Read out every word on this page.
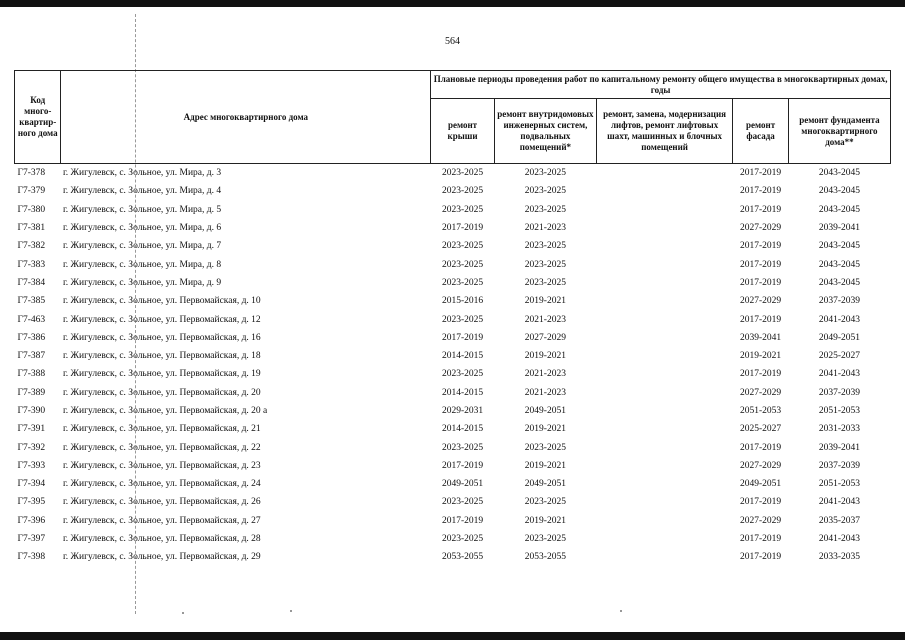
564
Код много-квартир-ного дома	Адрес многоквартирного дома	Плановые периоды проведения работ по капитальному ремонту общего имущества в многоквартирных домах, годы				
		ремонт крыши	ремонт внутридомовых инженерных систем, подвальных помещений*	ремонт, замена, модернизация лифтов, ремонт лифтовых шахт, машинных и блочных помещений	ремонт фасада	ремонт фундамента многоквартирного дома**
Г7-378	г. Жигулевск, с. Зольное, ул. Мира, д. 3	2023-2025	2023-2025		2017-2019	2043-2045
Г7-379	г. Жигулевск, с. Зольное, ул. Мира, д. 4	2023-2025	2023-2025		2017-2019	2043-2045
Г7-380	г. Жигулевск, с. Зольное, ул. Мира, д. 5	2023-2025	2023-2025		2017-2019	2043-2045
Г7-381	г. Жигулевск, с. Зольное, ул. Мира, д. 6	2017-2019	2021-2023		2027-2029	2039-2041
Г7-382	г. Жигулевск, с. Зольное, ул. Мира, д. 7	2023-2025	2023-2025		2017-2019	2043-2045
Г7-383	г. Жигулевск, с. Зольное, ул. Мира, д. 8	2023-2025	2023-2025		2017-2019	2043-2045
Г7-384	г. Жигулевск, с. Зольное, ул. Мира, д. 9	2023-2025	2023-2025		2017-2019	2043-2045
Г7-385	г. Жигулевск, с. Зольное, ул. Первомайская, д. 10	2015-2016	2019-2021		2027-2029	2037-2039
Г7-463	г. Жигулевск, с. Зольное, ул. Первомайская, д. 12	2023-2025	2021-2023		2017-2019	2041-2043
Г7-386	г. Жигулевск, с. Зольное, ул. Первомайская, д. 16	2017-2019	2027-2029		2039-2041	2049-2051
Г7-387	г. Жигулевск, с. Зольное, ул. Первомайская, д. 18	2014-2015	2019-2021		2019-2021	2025-2027
Г7-388	г. Жигулевск, с. Зольное, ул. Первомайская, д. 19	2023-2025	2021-2023		2017-2019	2041-2043
Г7-389	г. Жигулевск, с. Зольное, ул. Первомайская, д. 20	2014-2015	2021-2023		2027-2029	2037-2039
Г7-390	г. Жигулевск, с. Зольное, ул. Первомайская, д. 20 а	2029-2031	2049-2051		2051-2053	2051-2053
Г7-391	г. Жигулевск, с. Зольное, ул. Первомайская, д. 21	2014-2015	2019-2021		2025-2027	2031-2033
Г7-392	г. Жигулевск, с. Зольное, ул. Первомайская, д. 22	2023-2025	2023-2025		2017-2019	2039-2041
Г7-393	г. Жигулевск, с. Зольное, ул. Первомайская, д. 23	2017-2019	2019-2021		2027-2029	2037-2039
Г7-394	г. Жигулевск, с. Зольное, ул. Первомайская, д. 24	2049-2051	2049-2051		2049-2051	2051-2053
Г7-395	г. Жигулевск, с. Зольное, ул. Первомайская, д. 26	2023-2025	2023-2025		2017-2019	2041-2043
Г7-396	г. Жигулевск, с. Зольное, ул. Первомайская, д. 27	2017-2019	2019-2021		2027-2029	2035-2037
Г7-397	г. Жигулевск, с. Зольное, ул. Первомайская, д. 28	2023-2025	2023-2025		2017-2019	2041-2043
Г7-398	г. Жигулевск, с. Зольное, ул. Первомайская, д. 29	2053-2055	2053-2055		2017-2019	2033-2035
